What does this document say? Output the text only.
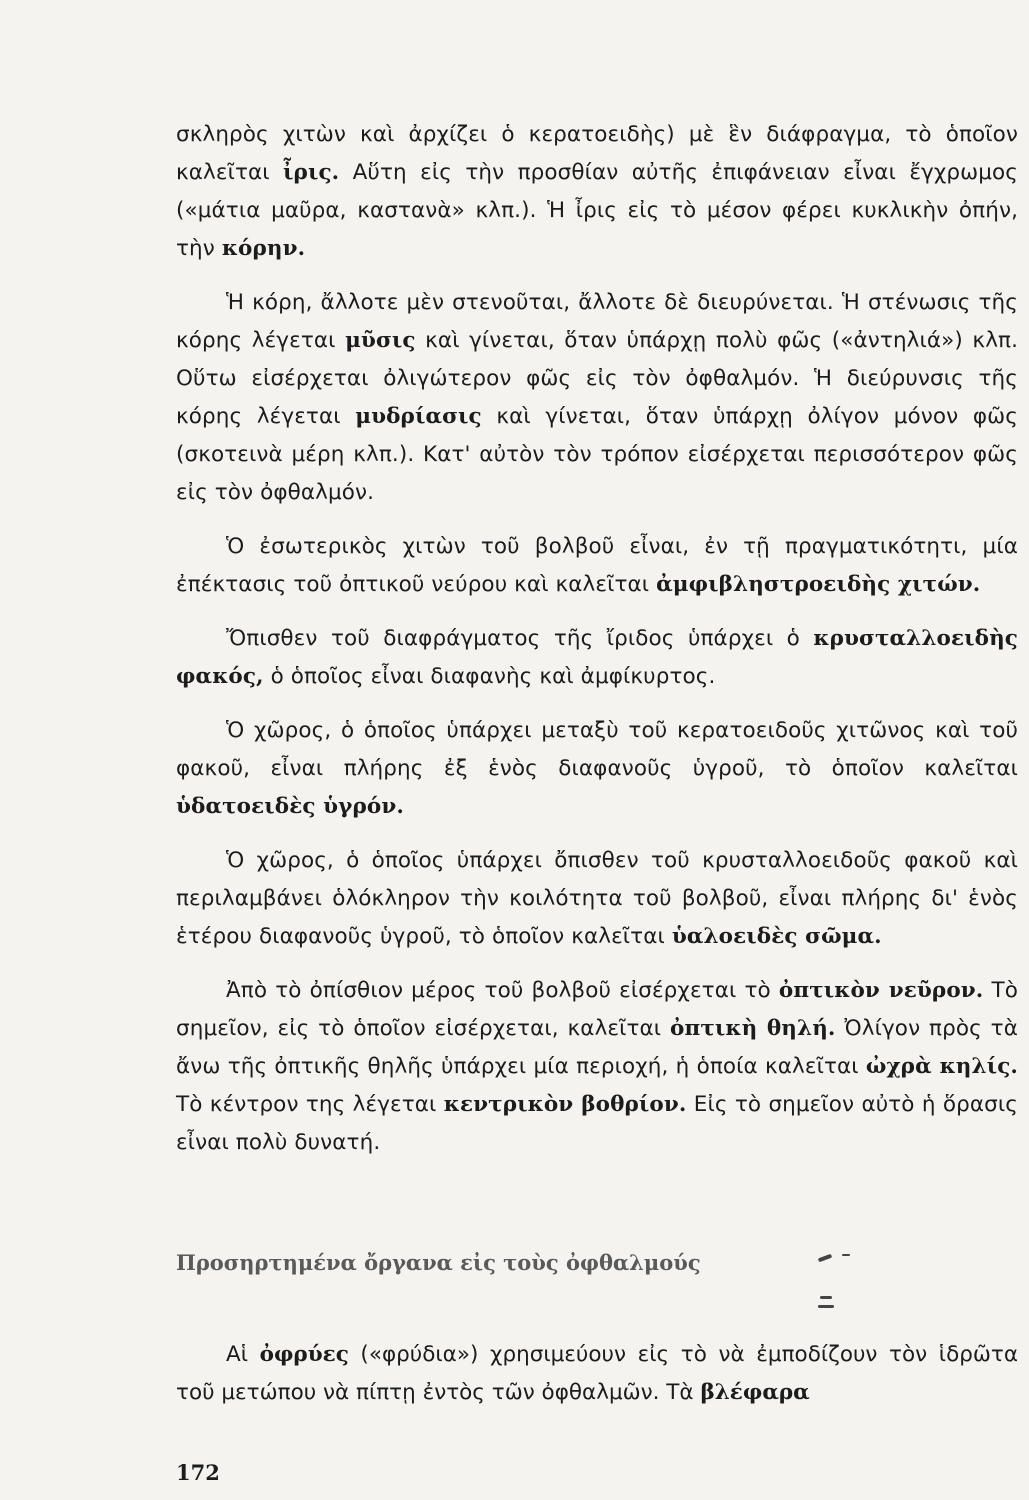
σκληρὸς χιτὼν καὶ ἀρχίζει ὁ κερατοειδὴς) μὲ ἓν διάφραγμα, τὸ ὁποῖον καλεῖται ἶρις. Αὕτη εἰς τὴν προσθίαν αὐτῆς ἐπιφάνειαν εἶναι ἔγχρωμος («μάτια μαῦρα, καστανὰ» κλπ.). Ἡ ἶρις εἰς τὸ μέσον φέρει κυκλικὴν ὀπήν, τὴν κόρην.

Ἡ κόρη, ἄλλοτε μὲν στενοῦται, ἄλλοτε δὲ διευρύνεται. Ἡ στένωσις τῆς κόρης λέγεται μῦσις καὶ γίνεται, ὅταν ὑπάρχῃ πολὺ φῶς («ἀντηλιά») κλπ. Οὕτω εἰσέρχεται ὀλιγώτερον φῶς εἰς τὸν ὀφθαλμόν. Ἡ διεύρυνσις τῆς κόρης λέγεται μυδρίασις καὶ γίνεται, ὅταν ὑπάρχῃ ὀλίγον μόνον φῶς (σκοτεινὰ μέρη κλπ.). Κατ' αὐτὸν τὸν τρόπον εἰσέρχεται περισσότερον φῶς εἰς τὸν ὀφθαλμόν.

Ὁ ἐσωτερικὸς χιτὼν τοῦ βολβοῦ εἶναι, ἐν τῇ πραγματικότητι, μία ἐπέκτασις τοῦ ὀπτικοῦ νεύρου καὶ καλεῖται ἀμφιβληστροειδὴς χιτών.

Ὄπισθεν τοῦ διαφράγματος τῆς ἴριδος ὑπάρχει ὁ κρυσταλλοειδὴς φακός, ὁ ὁποῖος εἶναι διαφανὴς καὶ ἀμφίκυρτος.

Ὁ χῶρος, ὁ ὁποῖος ὑπάρχει μεταξὺ τοῦ κερατοειδοῦς χιτῶνος καὶ τοῦ φακοῦ, εἶναι πλήρης ἐξ ἑνὸς διαφανοῦς ὑγροῦ, τὸ ὁποῖον καλεῖται ὑδατοειδὲς ὑγρόν.

Ὁ χῶρος, ὁ ὁποῖος ὑπάρχει ὄπισθεν τοῦ κρυσταλλοειδοῦς φακοῦ καὶ περιλαμβάνει ὁλόκληρον τὴν κοιλότητα τοῦ βολβοῦ, εἶναι πλήρης δι' ἑνὸς ἑτέρου διαφανοῦς ὑγροῦ, τὸ ὁποῖον καλεῖται ὑαλοειδὲς σῶμα.

Ἀπὸ τὸ ὀπίσθιον μέρος τοῦ βολβοῦ εἰσέρχεται τὸ ὀπτικὸν νεῦρον. Τὸ σημεῖον, εἰς τὸ ὁποῖον εἰσέρχεται, καλεῖται ὀπτικὴ θηλή. Ὀλίγον πρὸς τὰ ἄνω τῆς ὀπτικῆς θηλῆς ὑπάρχει μία περιοχή, ἡ ὁποία καλεῖται ὠχρὰ κηλίς. Τὸ κέντρον της λέγεται κεντρικὸν βοθρίον. Εἰς τὸ σημεῖον αὐτὸ ἡ ὅρασις εἶναι πολὺ δυνατή.

Προσηρτημένα ὄργανα εἰς τοὺς ὀφθαλμούς

Αἱ ὀφρύες («φρύδια») χρησιμεύουν εἰς τὸ νὰ ἐμποδίζουν τὸν ἱδρῶτα τοῦ μετώπου νὰ πίπτῃ ἐντὸς τῶν ὀφθαλμῶν. Τὰ βλέφαρα

172
